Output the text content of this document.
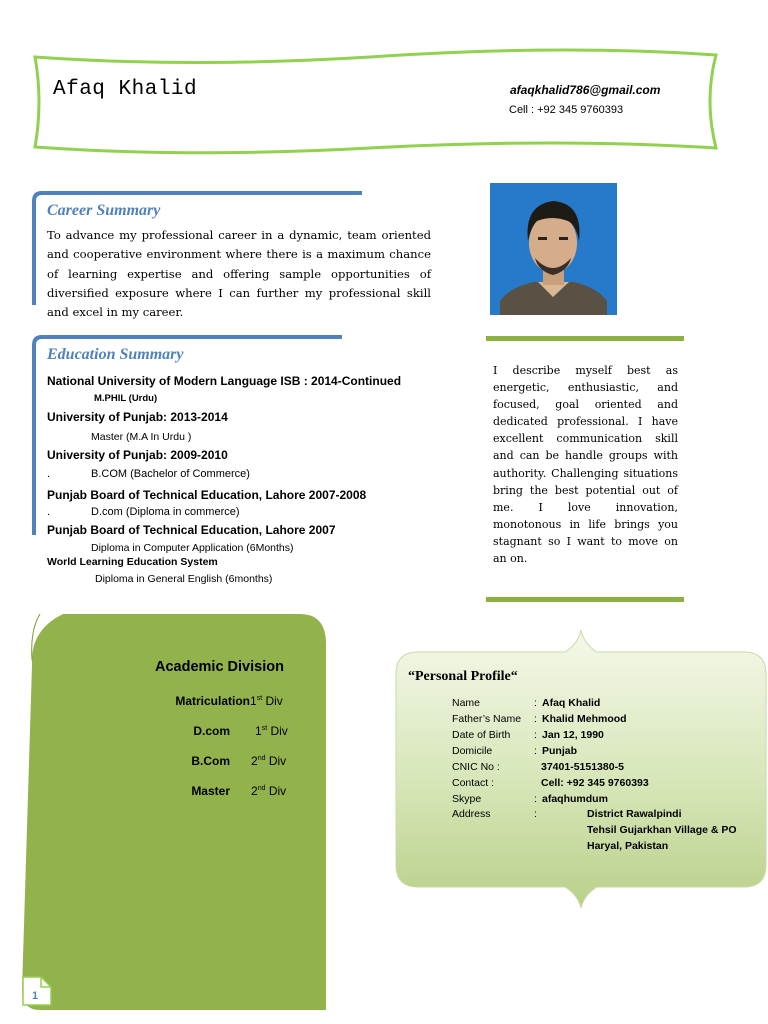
Afaq Khalid	afaqkhalid786@gmail.com
Cell : +92 345 9760393
Career Summary
To advance my professional career in a dynamic, team oriented and cooperative environment where there is a maximum chance of learning expertise and offering sample opportunities of diversified exposure where I can further my professional skill and excel in my career.
I describe myself best as energetic, enthusiastic, and focused, goal oriented and dedicated professional. I have excellent communication skill and can be handle groups with authority. Challenging situations bring the best potential out of me. I love innovation, monotonous in life brings you stagnant so I want to move on an on.
Education Summary
National University of Modern Language ISB : 2014-Continued
M.PHIL (Urdu)
University of Punjab: 2013-2014
Master (M.A In Urdu )
University of Punjab: 2009-2010
.	B.COM (Bachelor of Commerce)
Punjab Board of Technical Education, Lahore 2007-2008
.	D.com (Diploma in commerce)
Punjab Board of Technical Education, Lahore 2007
Diploma in Computer Application (6Months)
World Learning Education System
Diploma in General English (6months)
Academic Division
Matriculation 1st Div
D.com 1st Div
B.Com 2nd Div
Master 2nd Div
“Personal Profile“
Name	: Afaq Khalid
Father’s Name : Khalid Mehmood
Date of Birth : Jan 12, 1990
Domicile	: Punjab
CNIC No :	37401-5151380-5
Contact :	Cell: +92 345 9760393
Skype	: afaqhumdum
Address	:	District Rawalpindi
Tehsil Gujarkhan Village & PO
Haryal, Pakistan
1
